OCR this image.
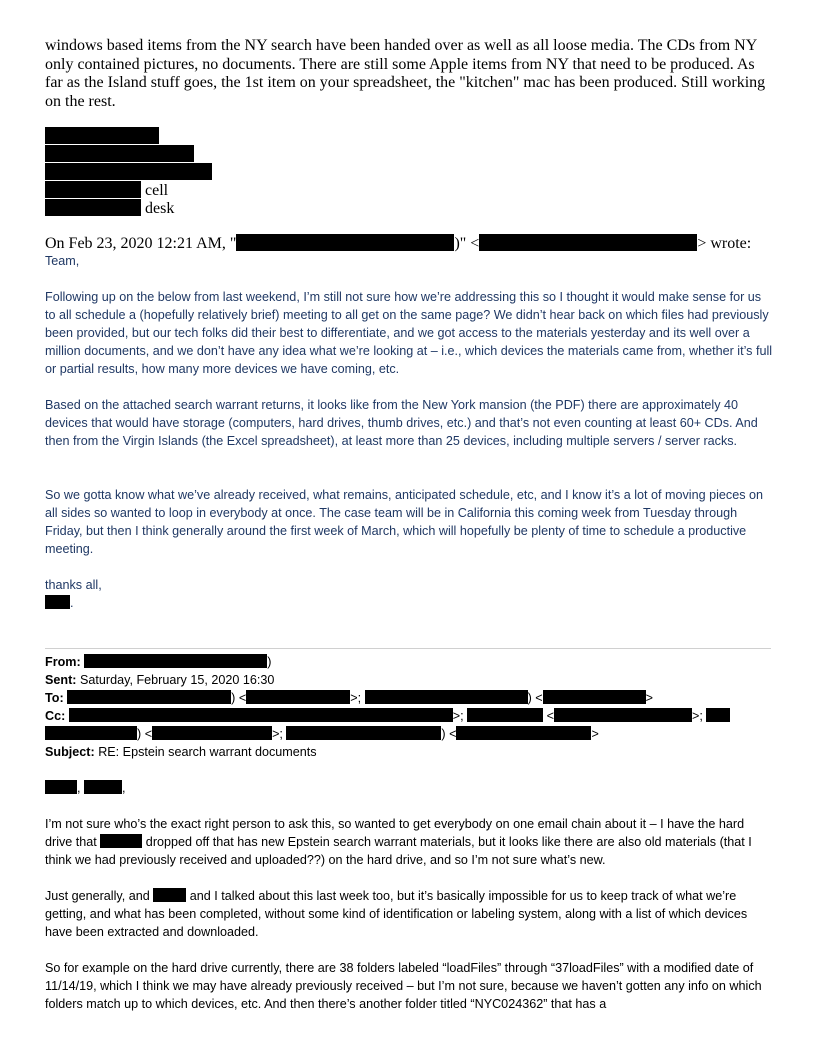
windows based items from the NY search have been handed over as well as all loose media. The CDs from NY only contained pictures, no documents. There are still some Apple items from NY that need to be produced. As far as the Island stuff goes, the 1st item on your spreadsheet, the "kitchen" mac has been produced. Still working on the rest.

cell
desk
On Feb 23, 2020 12:21 AM, "	)" <	> wrote:

Team,

Following up on the below from last weekend, I’m still not sure how we’re addressing this so I thought it would make sense for us to all schedule a (hopefully relatively brief) meeting to all get on the same page? We didn’t hear back on which files had previously been provided, but our tech folks did their best to differentiate, and we got access to the materials yesterday and its well over a million documents, and we don’t have any idea what we’re looking at – i.e., which devices the materials came from, whether it’s full or partial results, how many more devices we have coming, etc.

Based on the attached search warrant returns, it looks like from the New York mansion (the PDF) there are approximately 40 devices that would have storage (computers, hard drives, thumb drives, etc.) and that’s not even counting at least 60+ CDs. And then from the Virgin Islands (the Excel spreadsheet), at least more than 25 devices, including multiple servers / server racks.

So we gotta know what we’ve already received, what remains, anticipated schedule, etc, and I know it’s a lot of moving pieces on all sides so wanted to loop in everybody at once. The case team will be in California this coming week from Tuesday through Friday, but then I think generally around the first week of March, which will hopefully be plenty of time to schedule a productive meeting.

thanks all,

.
From:	)
Sent: Saturday, February 15, 2020 16:30
To:	) <	>;	) <	>
Cc:	>;	<	>;
) <	>;	) <	>
Subject: RE: Epstein search warrant documents
,	,

I’m not sure who’s the exact right person to ask this, so wanted to get everybody on one email chain about it – I have the hard drive that	dropped off that has new Epstein search warrant materials, but it looks like there are also old materials (that I think we had previously received and uploaded??) on the hard drive, and so I’m not sure what’s new.

Just generally, and	and I talked about this last week too, but it’s basically impossible for us to keep track of what we’re getting, and what has been completed, without some kind of identification or labeling system, along with a list of which devices have been extracted and downloaded.

So for example on the hard drive currently, there are 38 folders labeled “loadFiles” through “37loadFiles” with a modified date of 11/14/19, which I think we may have already previously received – but I’m not sure, because we haven’t gotten any info on which folders match up to which devices, etc. And then there’s another folder titled “NYC024362” that has a
